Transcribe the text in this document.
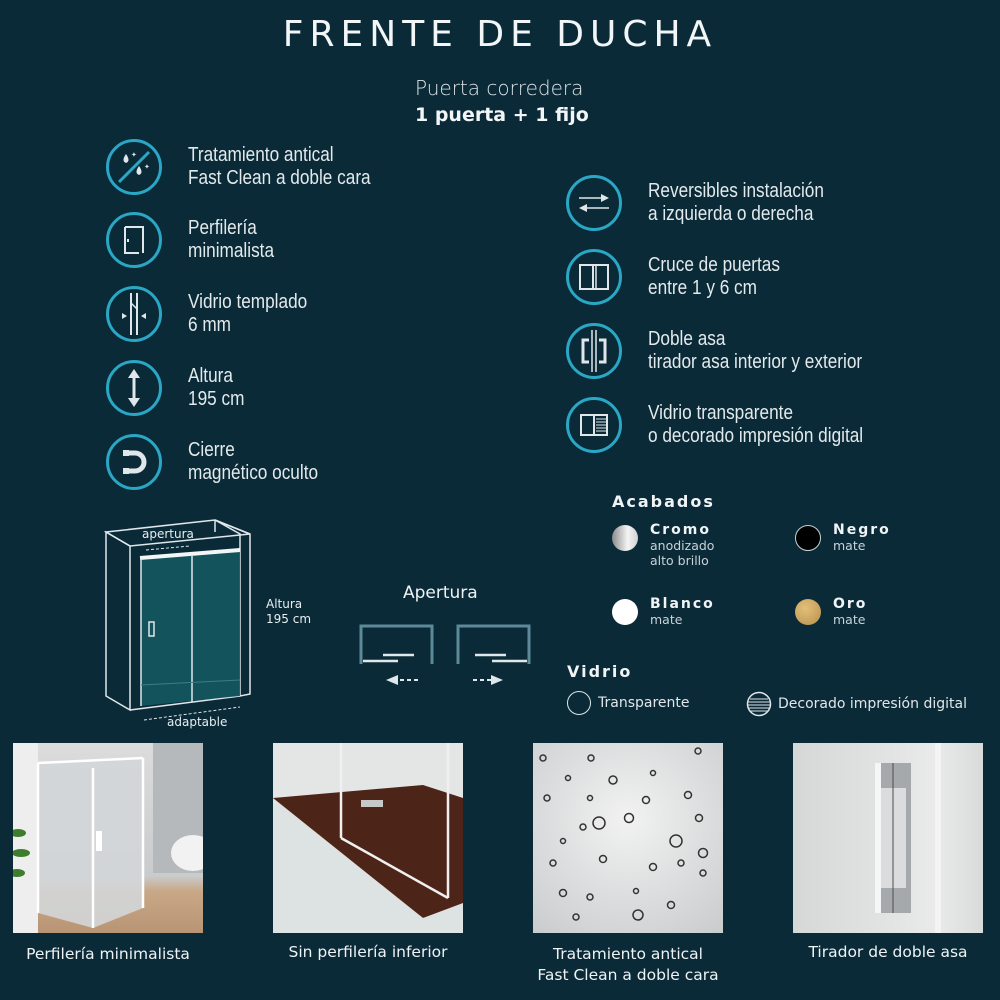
FRENTE DE DUCHA
Puerta corredera
1 puerta + 1 fijo
✦
✦
Tratamiento antical
Fast Clean a doble cara
Perfilería
minimalista
Vidrio templado
6 mm
Altura
195 cm
Cierre
magnético oculto
Reversibles instalación
a izquierda o derecha
Cruce de puertas
entre 1 y 6 cm
Doble asa
tirador asa interior y exterior
Vidrio transparente
o decorado impresión digital
apertura
adaptable
Altura
195 cm
Apertura
Acabados
Cromo
anodizado
alto brillo
Negro
mate
Blanco
mate
Oro
mate
Vidrio
Transparente	Decorado impresión digital
Perfilería minimalista	Sin perfilería inferior	Tratamiento antical
Fast Clean a doble cara
Tirador de doble asa
